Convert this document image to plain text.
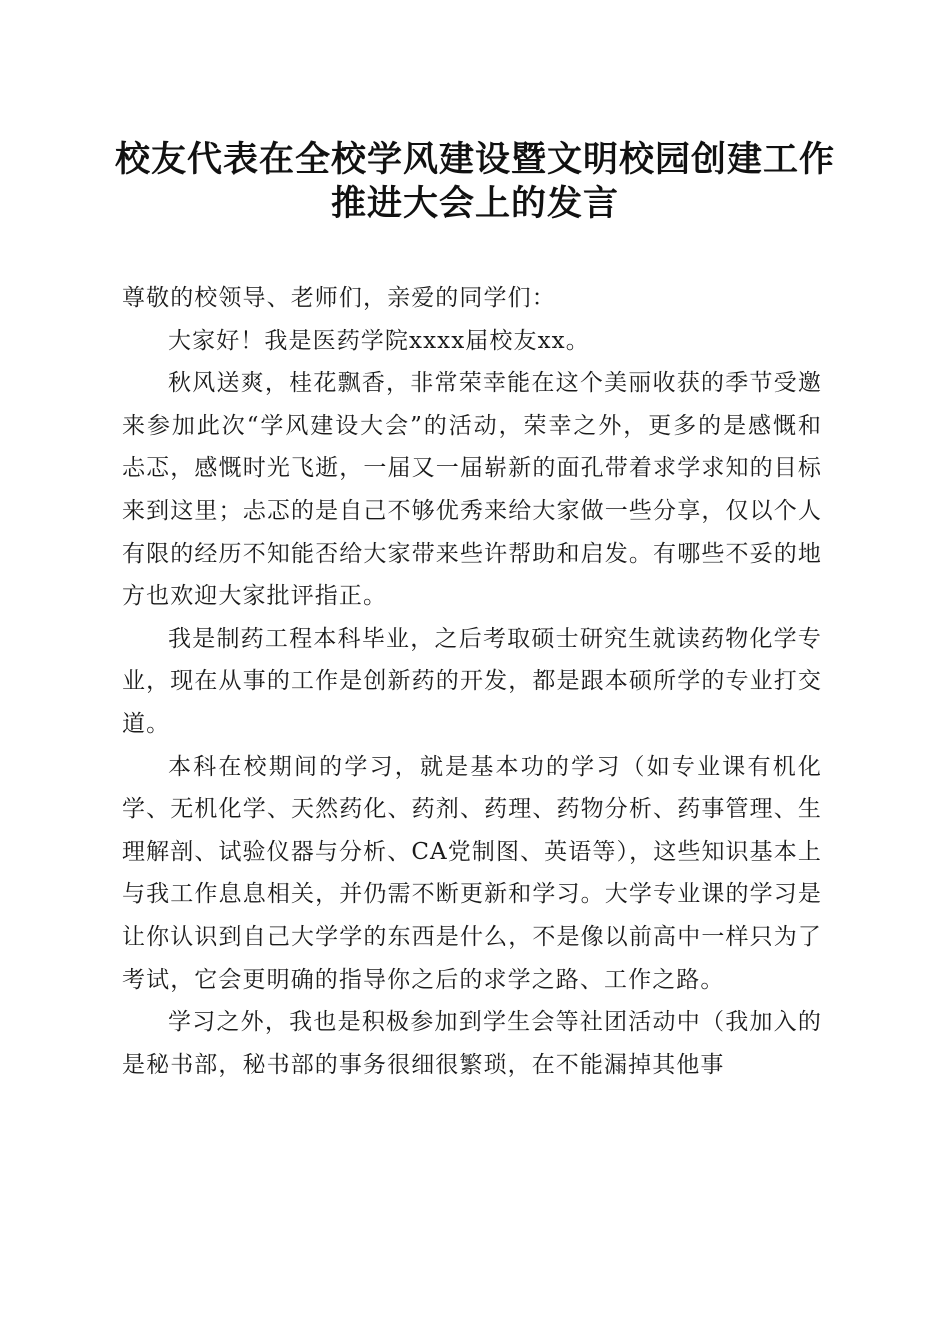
校友代表在全校学风建设暨文明校园创建工作
推进大会上的发言

尊敬的校领导、老师们，亲爱的同学们：

大家好！我是医药学院xxxx届校友xx。

秋风送爽，桂花飘香，非常荣幸能在这个美丽收获的季节受邀来参加此次“学风建设大会”的活动，荣幸之外，更多的是感慨和忐忑，感慨时光飞逝，一届又一届崭新的面孔带着求学求知的目标来到这里；忐忑的是自己不够优秀来给大家做一些分享，仅以个人有限的经历不知能否给大家带来些许帮助和启发。有哪些不妥的地方也欢迎大家批评指正。

我是制药工程本科毕业，之后考取硕士研究生就读药物化学专业，现在从事的工作是创新药的开发，都是跟本硕所学的专业打交道。

本科在校期间的学习，就是基本功的学习（如专业课有机化学、无机化学、天然药化、药剂、药理、药物分析、药事管理、生理解剖、试验仪器与分析、CA党制图、英语等），这些知识基本上与我工作息息相关，并仍需不断更新和学习。大学专业课的学习是让你认识到自己大学学的东西是什么，不是像以前高中一样只为了考试，它会更明确的指导你之后的求学之路、工作之路。

学习之外，我也是积极参加到学生会等社团活动中（我加入的是秘书部，秘书部的事务很细很繁琐，在不能漏掉其他事
